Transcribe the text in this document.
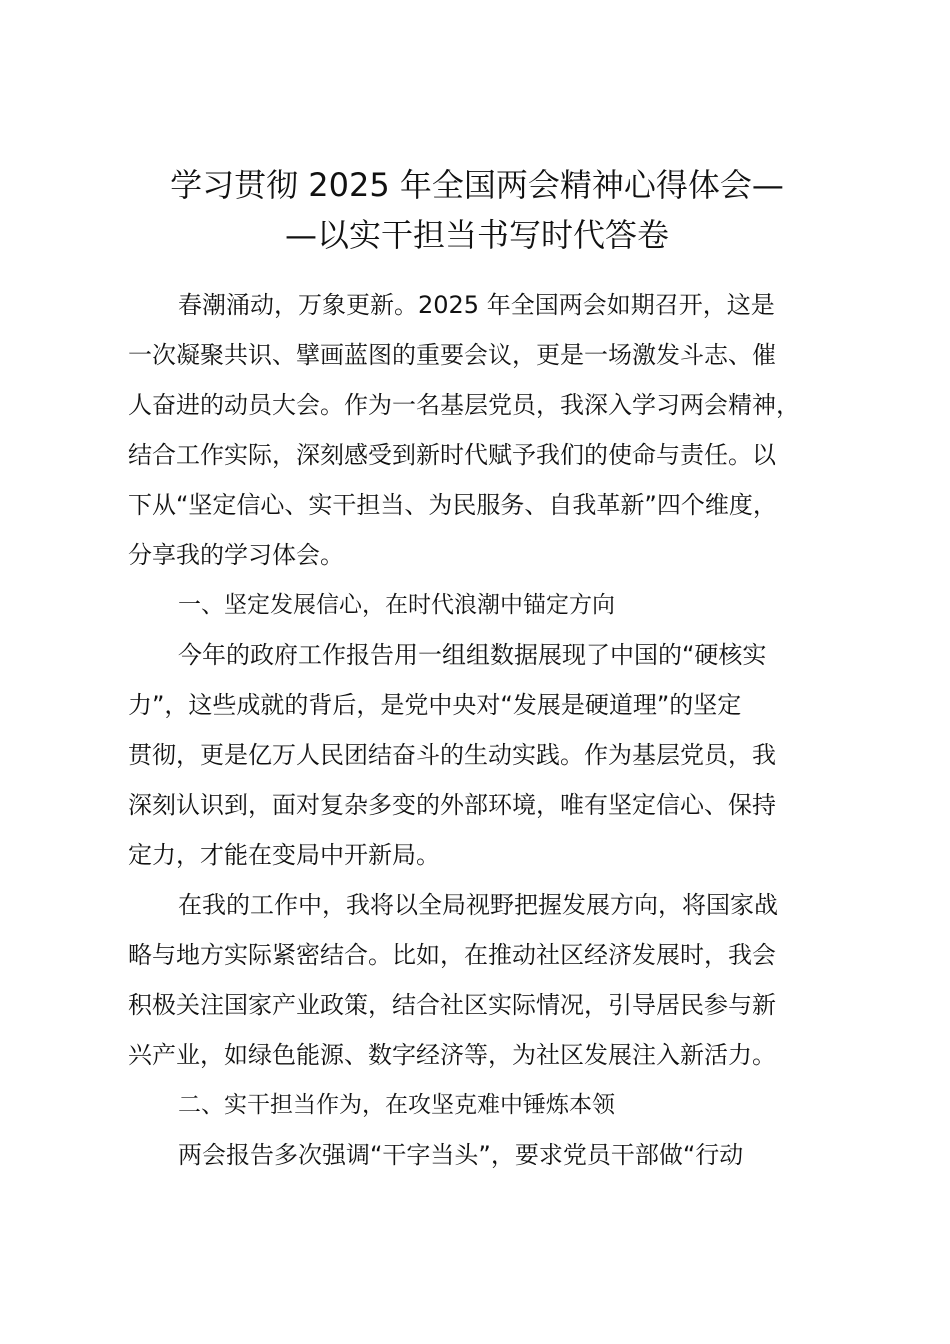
学习贯彻 2025 年全国两会精神心得体会—
—以实干担当书写时代答卷

春潮涌动，万象更新。2025 年全国两会如期召开，这是
一次凝聚共识、擘画蓝图的重要会议，更是一场激发斗志、催
人奋进的动员大会。作为一名基层党员，我深入学习两会精神，
结合工作实际，深刻感受到新时代赋予我们的使命与责任。以
下从“坚定信心、实干担当、为民服务、自我革新”四个维度，
分享我的学习体会。

一、坚定发展信心，在时代浪潮中锚定方向

今年的政府工作报告用一组组数据展现了中国的“硬核实
力”，这些成就的背后，是党中央对“发展是硬道理”的坚定
贯彻，更是亿万人民团结奋斗的生动实践。作为基层党员，我
深刻认识到，面对复杂多变的外部环境，唯有坚定信心、保持
定力，才能在变局中开新局。

在我的工作中，我将以全局视野把握发展方向，将国家战
略与地方实际紧密结合。比如，在推动社区经济发展时，我会
积极关注国家产业政策，结合社区实际情况，引导居民参与新
兴产业，如绿色能源、数字经济等，为社区发展注入新活力。

二、实干担当作为，在攻坚克难中锤炼本领

两会报告多次强调“干字当头”，要求党员干部做“行动
